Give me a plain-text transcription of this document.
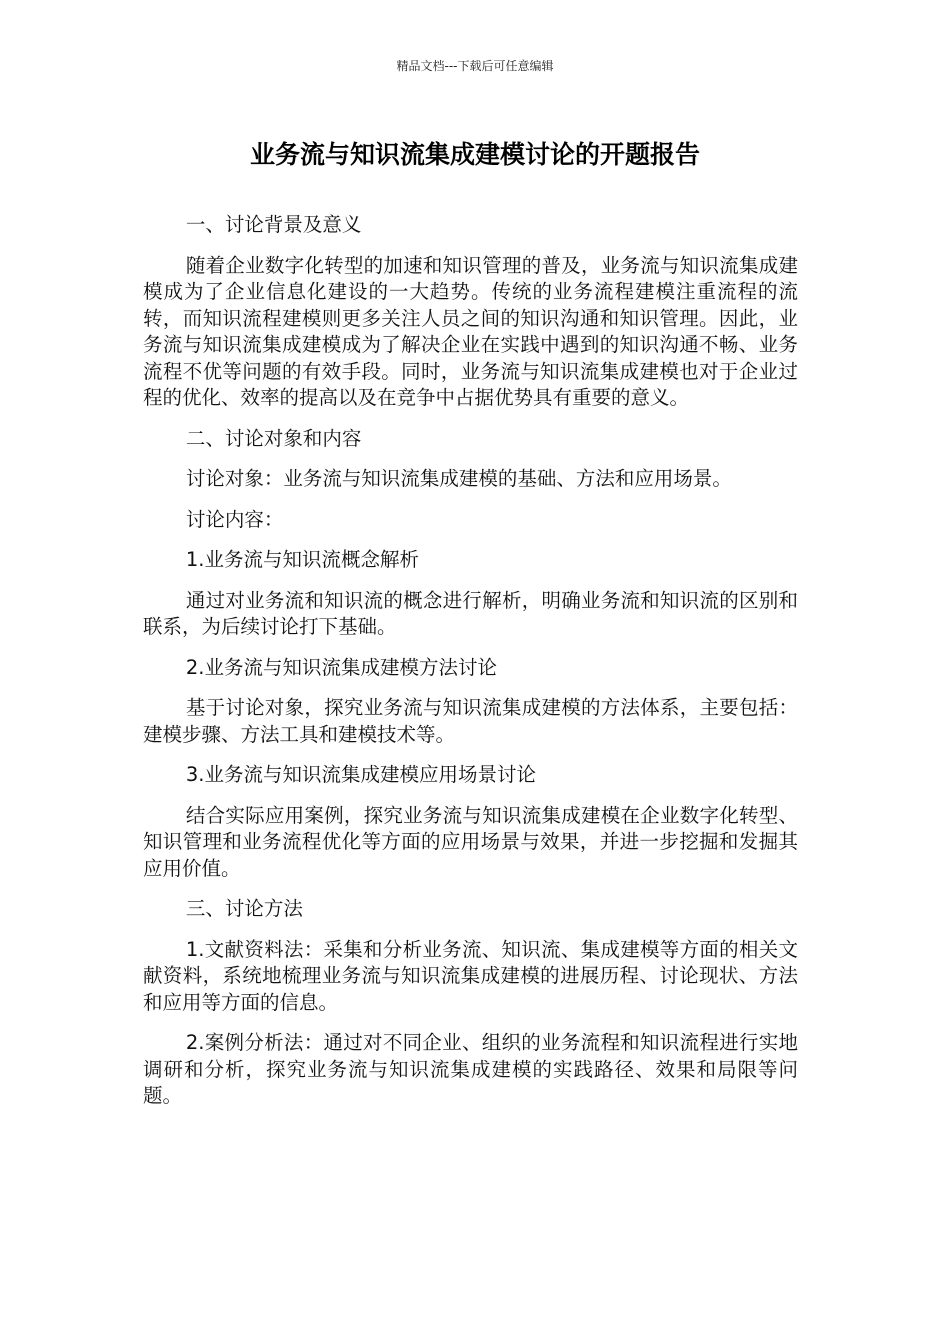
精品文档---下载后可任意编辑
业务流与知识流集成建模讨论的开题报告

一、讨论背景及意义

随着企业数字化转型的加速和知识管理的普及，业务流与知识流集成建模成为了企业信息化建设的一大趋势。传统的业务流程建模注重流程的流转，而知识流程建模则更多关注人员之间的知识沟通和知识管理。因此，业务流与知识流集成建模成为了解决企业在实践中遇到的知识沟通不畅、业务流程不优等问题的有效手段。同时，业务流与知识流集成建模也对于企业过程的优化、效率的提高以及在竞争中占据优势具有重要的意义。

二、讨论对象和内容

讨论对象：业务流与知识流集成建模的基础、方法和应用场景。

讨论内容：

1.业务流与知识流概念解析

通过对业务流和知识流的概念进行解析，明确业务流和知识流的区别和联系，为后续讨论打下基础。

2.业务流与知识流集成建模方法讨论

基于讨论对象，探究业务流与知识流集成建模的方法体系，主要包括：建模步骤、方法工具和建模技术等。

3.业务流与知识流集成建模应用场景讨论

结合实际应用案例，探究业务流与知识流集成建模在企业数字化转型、知识管理和业务流程优化等方面的应用场景与效果，并进一步挖掘和发掘其应用价值。

三、讨论方法

1.文献资料法：采集和分析业务流、知识流、集成建模等方面的相关文献资料，系统地梳理业务流与知识流集成建模的进展历程、讨论现状、方法和应用等方面的信息。

2.案例分析法：通过对不同企业、组织的业务流程和知识流程进行实地调研和分析，探究业务流与知识流集成建模的实践路径、效果和局限等问题。
